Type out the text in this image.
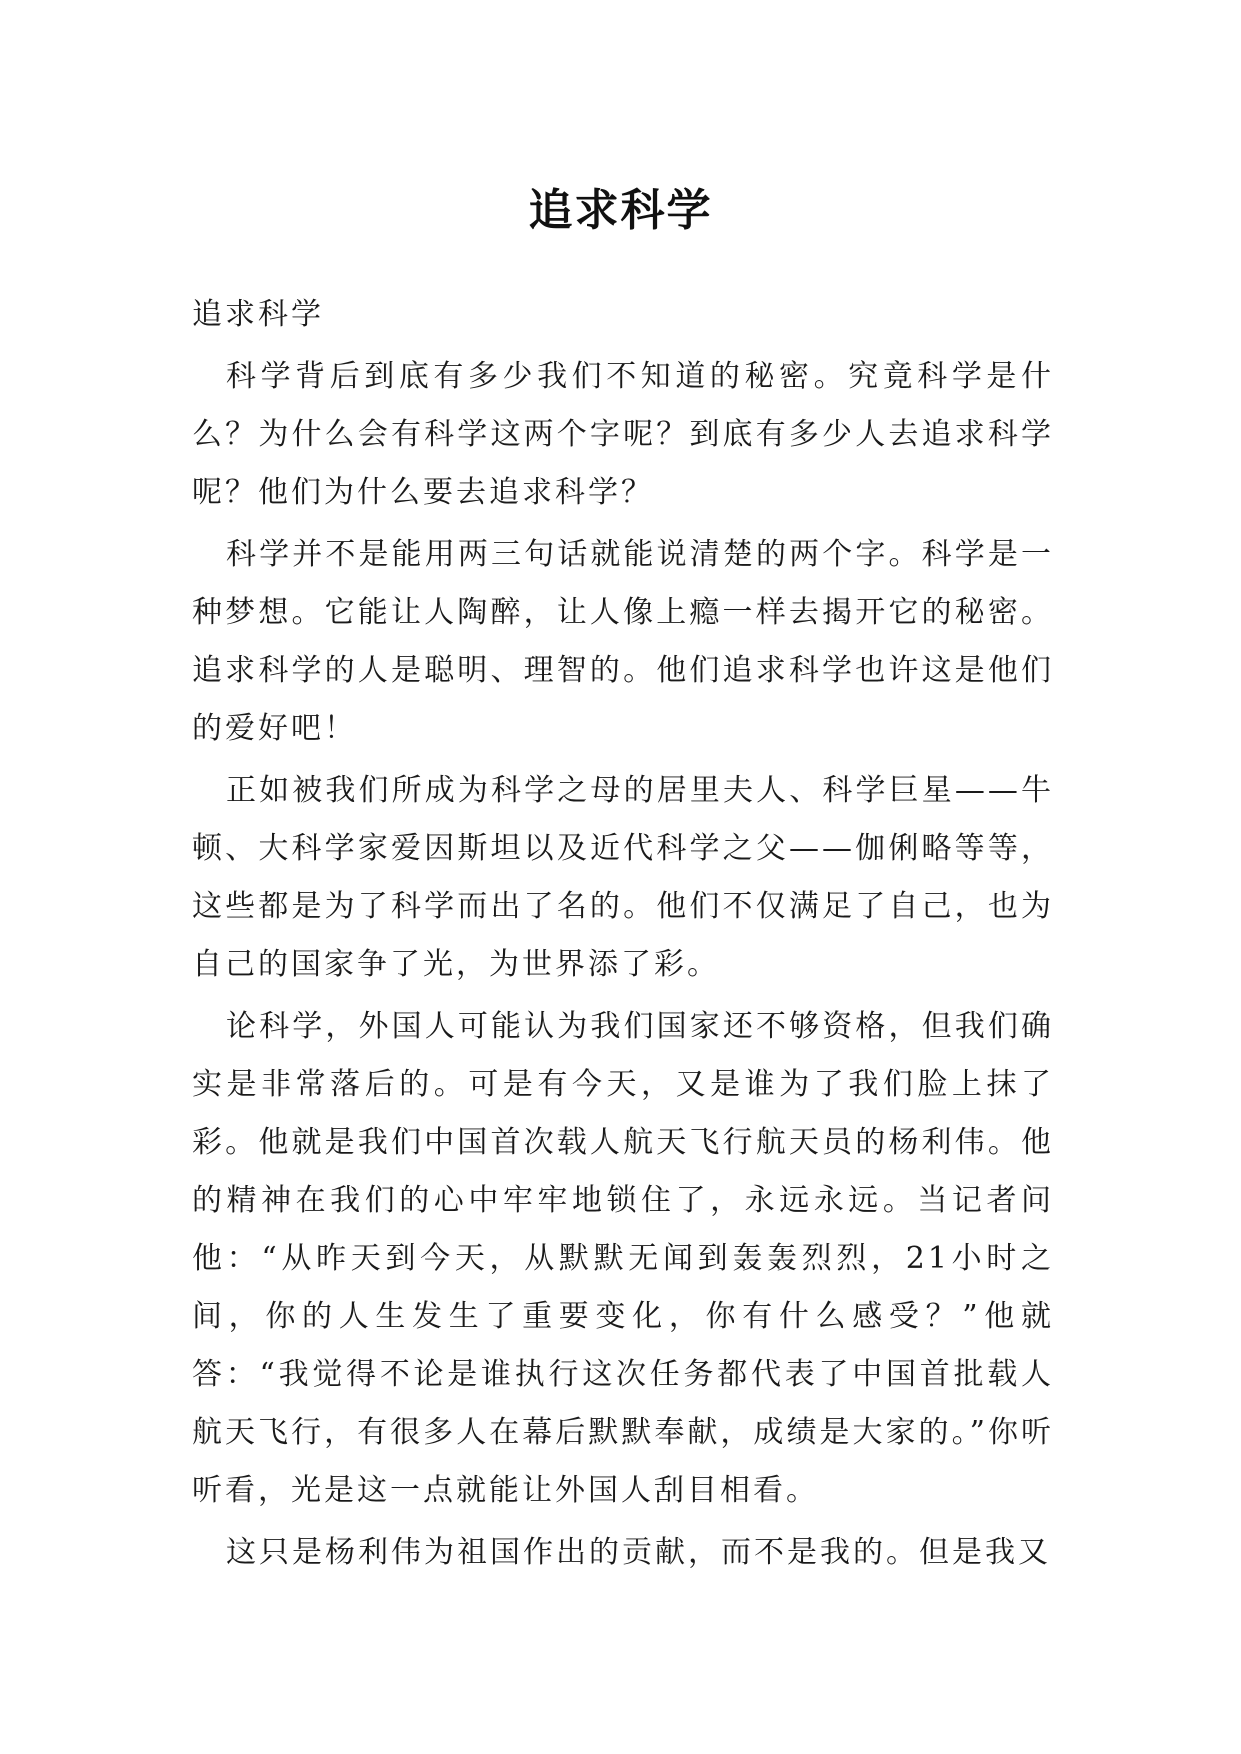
追求科学
追求科学

科学背后到底有多少我们不知道的秘密。究竟科学是什么？为什么会有科学这两个字呢？到底有多少人去追求科学呢？他们为什么要去追求科学？

科学并不是能用两三句话就能说清楚的两个字。科学是一种梦想。它能让人陶醉，让人像上瘾一样去揭开它的秘密。追求科学的人是聪明、理智的。他们追求科学也许这是他们的爱好吧！

正如被我们所成为科学之母的居里夫人、科学巨星——牛顿、大科学家爱因斯坦以及近代科学之父——伽俐略等等，这些都是为了科学而出了名的。他们不仅满足了自己，也为自己的国家争了光，为世界添了彩。

论科学，外国人可能认为我们国家还不够资格，但我们确实是非常落后的。可是有今天，又是谁为了我们脸上抹了彩。他就是我们中国首次载人航天飞行航天员的杨利伟。他的精神在我们的心中牢牢地锁住了，永远永远。当记者问他：“从昨天到今天，从默默无闻到轰轰烈烈，21小时之间，你的人生发生了重要变化，你有什么感受？”他就答：“我觉得不论是谁执行这次任务都代表了中国首批载人航天飞行，有很多人在幕后默默奉献，成绩是大家的。”你听听看，光是这一点就能让外国人刮目相看。

这只是杨利伟为祖国作出的贡献，而不是我的。但是我又
